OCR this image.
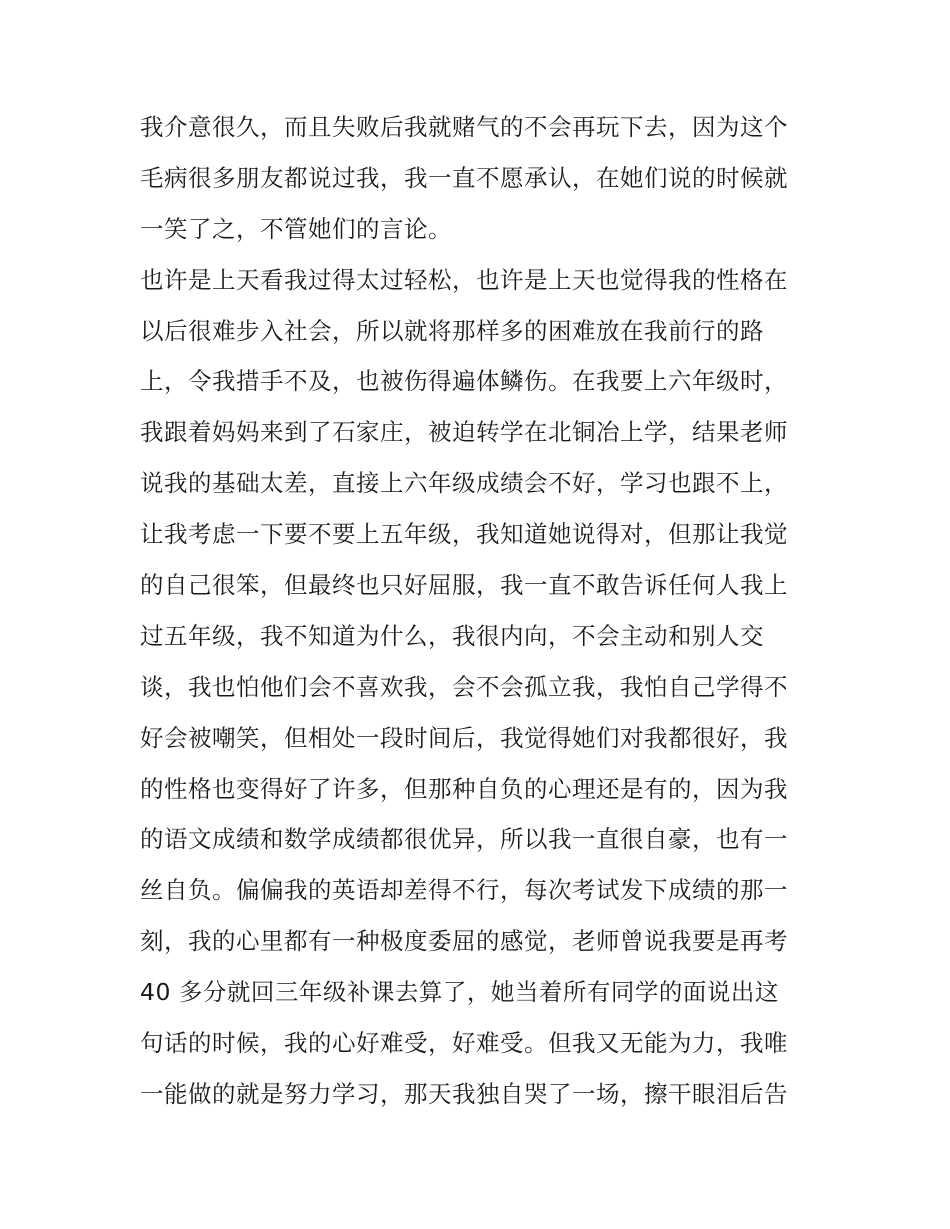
我介意很久，而且失败后我就赌气的不会再玩下去，因为这个
毛病很多朋友都说过我，我一直不愿承认，在她们说的时候就
一笑了之，不管她们的言论。
也许是上天看我过得太过轻松，也许是上天也觉得我的性格在
以后很难步入社会，所以就将那样多的困难放在我前行的路
上，令我措手不及，也被伤得遍体鳞伤。在我要上六年级时，
我跟着妈妈来到了石家庄，被迫转学在北铜冶上学，结果老师
说我的基础太差，直接上六年级成绩会不好，学习也跟不上，
让我考虑一下要不要上五年级，我知道她说得对，但那让我觉
的自己很笨，但最终也只好屈服，我一直不敢告诉任何人我上
过五年级，我不知道为什么，我很内向，不会主动和别人交
谈，我也怕他们会不喜欢我，会不会孤立我，我怕自己学得不
好会被嘲笑，但相处一段时间后，我觉得她们对我都很好，我
的性格也变得好了许多，但那种自负的心理还是有的，因为我
的语文成绩和数学成绩都很优异，所以我一直很自豪，也有一
丝自负。偏偏我的英语却差得不行，每次考试发下成绩的那一
刻，我的心里都有一种极度委屈的感觉，老师曾说我要是再考
40 多分就回三年级补课去算了，她当着所有同学的面说出这
句话的时候，我的心好难受，好难受。但我又无能为力，我唯
一能做的就是努力学习，那天我独自哭了一场，擦干眼泪后告
